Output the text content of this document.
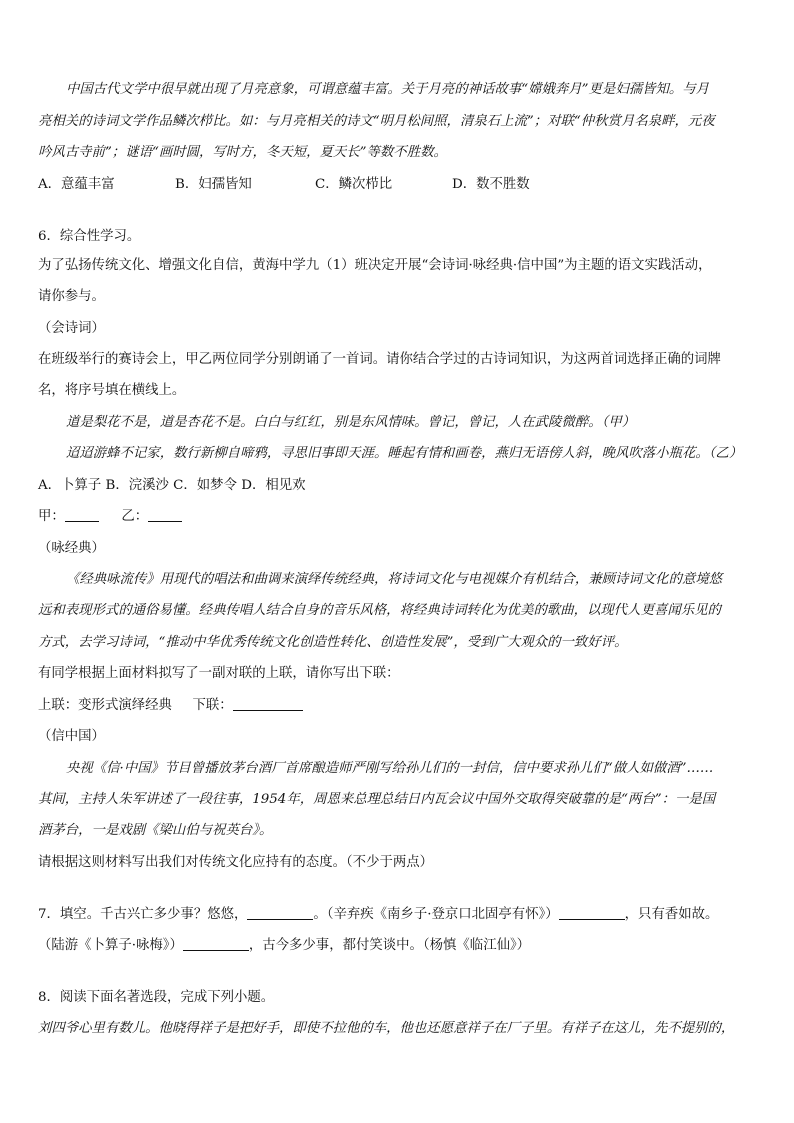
中国古代文学中很早就出现了月亮意象，可谓意蕴丰富。关于月亮的神话故事“嫦娥奔月”更是妇孺皆知。与月
亮相关的诗词文学作品鳞次栉比。如：与月亮相关的诗文“明月松间照，清泉石上流”；对联“仲秋赏月名泉畔，元夜
吟风古寺前”；谜语“画时圆，写时方，冬天短，夏天长”等数不胜数。
A．意蕴丰富	B．妇孺皆知	C．鳞次栉比	D．数不胜数
6．综合性学习。
为了弘扬传统文化、增强文化自信，黄海中学九（1）班决定开展“会诗词·咏经典·信中国”为主题的语文实践活动，
请你参与。
（会诗词）
在班级举行的赛诗会上，甲乙两位同学分别朗诵了一首词。请你结合学过的古诗词知识，为这两首词选择正确的词牌
名，将序号填在横线上。
道是梨花不是，道是杏花不是。白白与红红，别是东风情味。曾记，曾记，人在武陵微醉。（甲）
迢迢游蜂不记家，数行新柳自啼鸦，寻思旧事即天涯。睡起有情和画卷，燕归无语傍人斜，晚风吹落小瓶花。（乙）
A．卜算子 B．浣溪沙 C．如梦令 D．相见欢
甲：	乙：
（咏经典）
《经典咏流传》用现代的唱法和曲调来演绎传统经典，将诗词文化与电视媒介有机结合，兼顾诗词文化的意境悠
远和表现形式的通俗易懂。经典传唱人结合自身的音乐风格，将经典诗词转化为优美的歌曲，以现代人更喜闻乐见的
方式，去学习诗词，“推动中华优秀传统文化创造性转化、创造性发展”，受到广大观众的一致好评。
有同学根据上面材料拟写了一副对联的上联，请你写出下联：
上联：变形式演绎经典 下联：
（信中国）
央视《信·中国》节目曾播放茅台酒厂首席酿造师严刚写给孙儿们的一封信，信中要求孙儿们“做人如做酒”……
其间，主持人朱军讲述了一段往事，1954年，周恩来总理总结日内瓦会议中国外交取得突破靠的是“两台”：一是国
酒茅台，一是戏剧《梁山伯与祝英台》。
请根据这则材料写出我们对传统文化应持有的态度。（不少于两点）
7．填空。千古兴亡多少事？悠悠，	。（辛弃疾《南乡子·登京口北固亭有怀》）	，只有香如故。
（陆游《卜算子·咏梅》）	，古今多少事，都付笑谈中。（杨慎《临江仙》）
8．阅读下面名著选段，完成下列小题。
刘四爷心里有数儿。他晓得祥子是把好手，即使不拉他的车，他也还愿意祥子在厂子里。有祥子在这儿，先不提别的，
